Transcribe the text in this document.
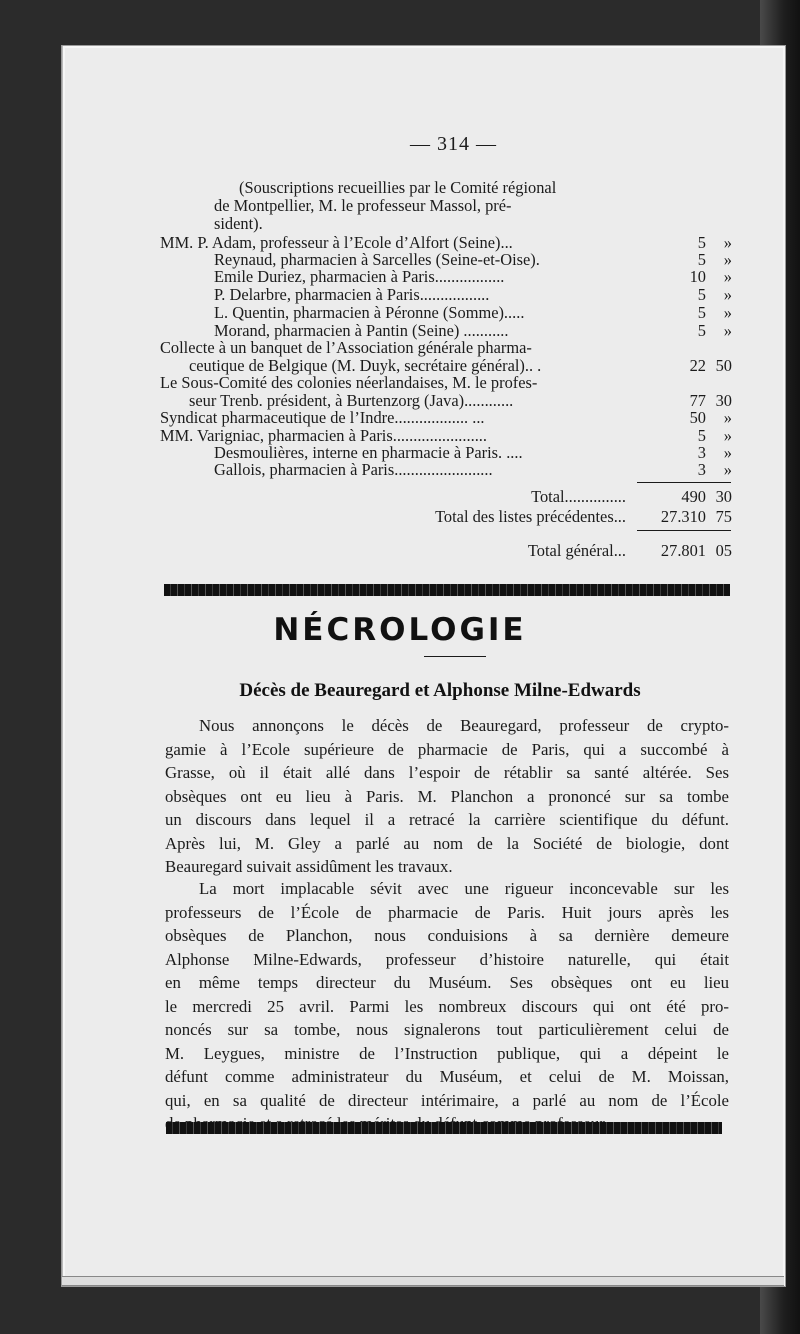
— 314 —
(Souscriptions recueillies par le Comité régional
de Montpellier, M. le professeur Massol, pré-
sident).
MM. P. Adam, professeur à l’Ecole d’Alfort (Seine)...	5 »
Reynaud, pharmacien à Sarcelles (Seine-et-Oise).	5 »
Emile Duriez, pharmacien à Paris.................	10 »
P. Delarbre, pharmacien à Paris.................	5 »
L. Quentin, pharmacien à Péronne (Somme).....	5 »
Morand, pharmacien à Pantin (Seine) ...........	5 »
Collecte à un banquet de l’Association générale pharma-
ceutique de Belgique (M. Duyk, secrétaire général).. .	22 50
Le Sous-Comité des colonies néerlandaises, M. le profes-
seur Trenb. président, à Burtenzorg (Java)............	77 30
Syndicat pharmaceutique de l’Indre.................. ...	50 »
MM. Varigniac, pharmacien à Paris.......................	5 »
Desmoulières, interne en pharmacie à Paris. ....	3 »
Gallois, pharmacien à Paris........................	3 »
Total...............	490 30
Total des listes précédentes... 27.310 75
Total général... 27.801 05
NÉCROLOGIE
Décès de Beauregard et Alphonse Milne-Edwards
Nous annonçons le décès de Beauregard, professeur de crypto-
gamie à l’Ecole supérieure de pharmacie de Paris, qui a succombé à
Grasse, où il était allé dans l’espoir de rétablir sa santé altérée. Ses
obsèques ont eu lieu à Paris. M. Planchon a prononcé sur sa tombe
un discours dans lequel il a retracé la carrière scientifique du défunt.
Après lui, M. Gley a parlé au nom de la Société de biologie, dont
Beauregard suivait assidûment les travaux.
La mort implacable sévit avec une rigueur inconcevable sur les
professeurs de l’École de pharmacie de Paris. Huit jours après les
obsèques de Planchon, nous conduisions à sa dernière demeure
Alphonse Milne-Edwards, professeur d’histoire naturelle, qui était
en même temps directeur du Muséum. Ses obsèques ont eu lieu
le mercredi 25 avril. Parmi les nombreux discours qui ont été pro-
noncés sur sa tombe, nous signalerons tout particulièrement celui de
M. Leygues, ministre de l’Instruction publique, qui a dépeint le
défunt comme administrateur du Muséum, et celui de M. Moissan,
qui, en sa qualité de directeur intérimaire, a parlé au nom de l’École
